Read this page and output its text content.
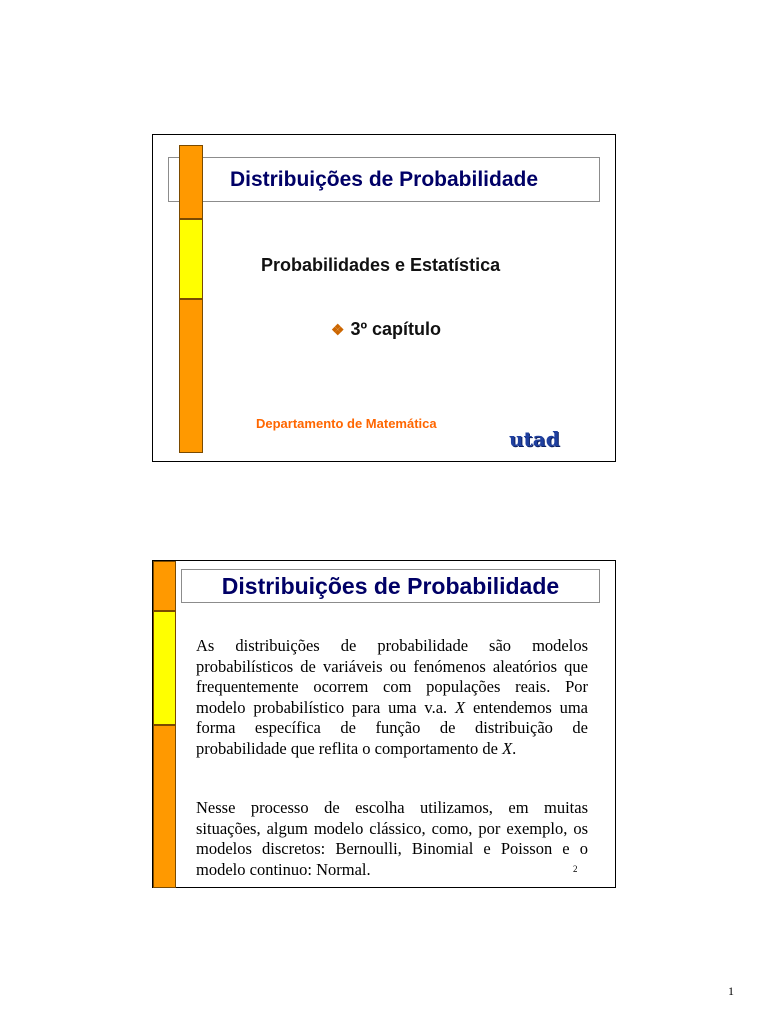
Distribuições de Probabilidade
Probabilidades e Estatística
❖ 3º capítulo
Departamento de Matemática
utad
Distribuições de Probabilidade

As distribuições de probabilidade são modelos probabilísticos de variáveis ou fenómenos aleatórios que frequentemente ocorrem com populações reais. Por modelo probabilístico para uma v.a. X entendemos uma forma específica de função de distribuição de probabilidade que reflita o comportamento de X.

Nesse processo de escolha utilizamos, em muitas situações, algum modelo clássico, como, por exemplo, os modelos discretos: Bernoulli, Binomial e Poisson e o modelo continuo: Normal.	2
1
